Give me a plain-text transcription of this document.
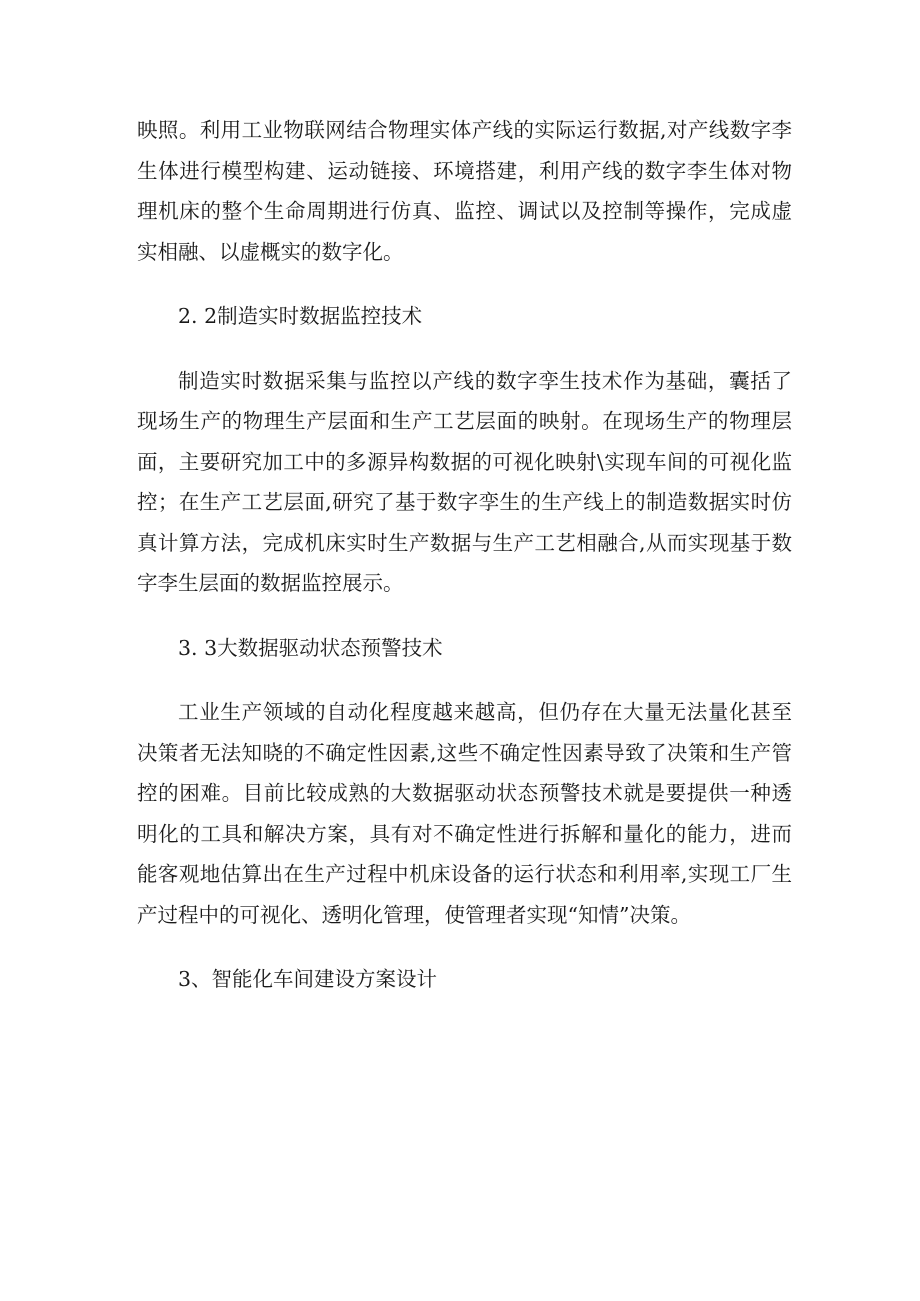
映照。利用工业物联网结合物理实体产线的实际运行数据,对产线数字李生体进行模型构建、运动链接、环境搭建，利用产线的数字李生体对物理机床的整个生命周期进行仿真、监控、调试以及控制等操作，完成虚实相融、以虚概实的数字化。

2. 2制造实时数据监控技术

制造实时数据采集与监控以产线的数字孪生技术作为基础，囊括了现场生产的物理生产层面和生产工艺层面的映射。在现场生产的物理层面，主要研究加工中的多源异构数据的可视化映射\实现车间的可视化监控；在生产工艺层面,研究了基于数字孪生的生产线上的制造数据实时仿真计算方法，完成机床实时生产数据与生产工艺相融合,从而实现基于数字李生层面的数据监控展示。

3. 3大数据驱动状态预警技术

工业生产领域的自动化程度越来越高，但仍存在大量无法量化甚至决策者无法知晓的不确定性因素,这些不确定性因素导致了决策和生产管控的困难。目前比较成熟的大数据驱动状态预警技术就是要提供一种透明化的工具和解决方案，具有对不确定性进行拆解和量化的能力，进而能客观地估算出在生产过程中机床设备的运行状态和利用率,实现工厂生产过程中的可视化、透明化管理，使管理者实现“知情”决策。

3、智能化车间建设方案设计
